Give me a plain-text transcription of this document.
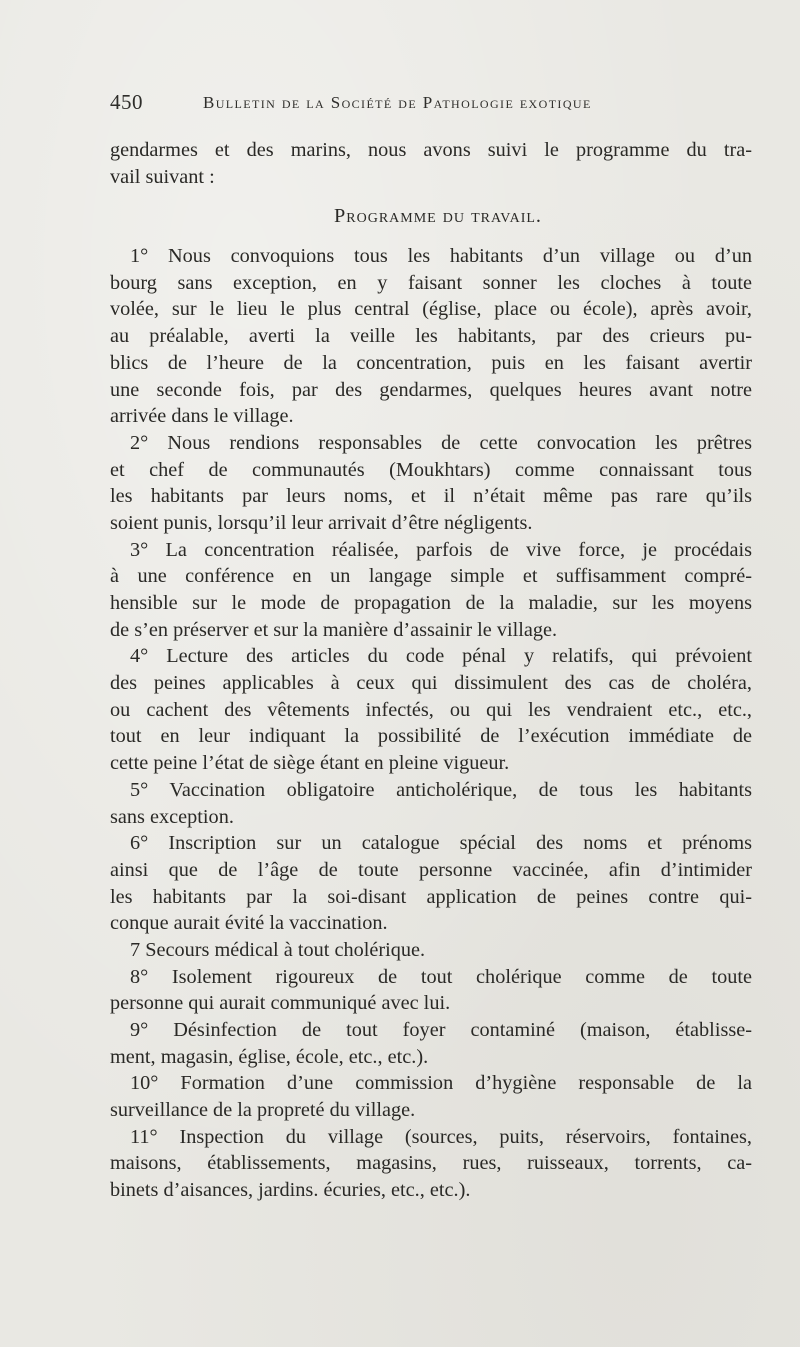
450	Bulletin de la Société de Pathologie exotique
gendarmes et des marins, nous avons suivi le programme du tra-
vail suivant :
Programme du travail.
1° Nous convoquions tous les habitants d’un village ou d’un
bourg sans exception, en y faisant sonner les cloches à toute
volée, sur le lieu le plus central (église, place ou école), après avoir,
au préalable, averti la veille les habitants, par des crieurs pu-
blics de l’heure de la concentration, puis en les faisant avertir
une seconde fois, par des gendarmes, quelques heures avant notre
arrivée dans le village.
2° Nous rendions responsables de cette convocation les prêtres
et chef de communautés (Moukhtars) comme connaissant tous
les habitants par leurs noms, et il n’était même pas rare qu’ils
soient punis, lorsqu’il leur arrivait d’être négligents.
3° La concentration réalisée, parfois de vive force, je procédais
à une conférence en un langage simple et suffisamment compré-
hensible sur le mode de propagation de la maladie, sur les moyens
de s’en préserver et sur la manière d’assainir le village.
4° Lecture des articles du code pénal y relatifs, qui prévoient
des peines applicables à ceux qui dissimulent des cas de choléra,
ou cachent des vêtements infectés, ou qui les vendraient etc., etc.,
tout en leur indiquant la possibilité de l’exécution immédiate de
cette peine l’état de siège étant en pleine vigueur.
5° Vaccination obligatoire anticholérique, de tous les habitants
sans exception.
6° Inscription sur un catalogue spécial des noms et prénoms
ainsi que de l’âge de toute personne vaccinée, afin d’intimider
les habitants par la soi-disant application de peines contre qui-
conque aurait évité la vaccination.
7 Secours médical à tout cholérique.
8° Isolement rigoureux de tout cholérique comme de toute
personne qui aurait communiqué avec lui.
9° Désinfection de tout foyer contaminé (maison, établisse-
ment, magasin, église, école, etc., etc.).
10° Formation d’une commission d’hygiène responsable de la
surveillance de la propreté du village.
11° Inspection du village (sources, puits, réservoirs, fontaines,
maisons, établissements, magasins, rues, ruisseaux, torrents, ca-
binets d’aisances, jardins. écuries, etc., etc.).
